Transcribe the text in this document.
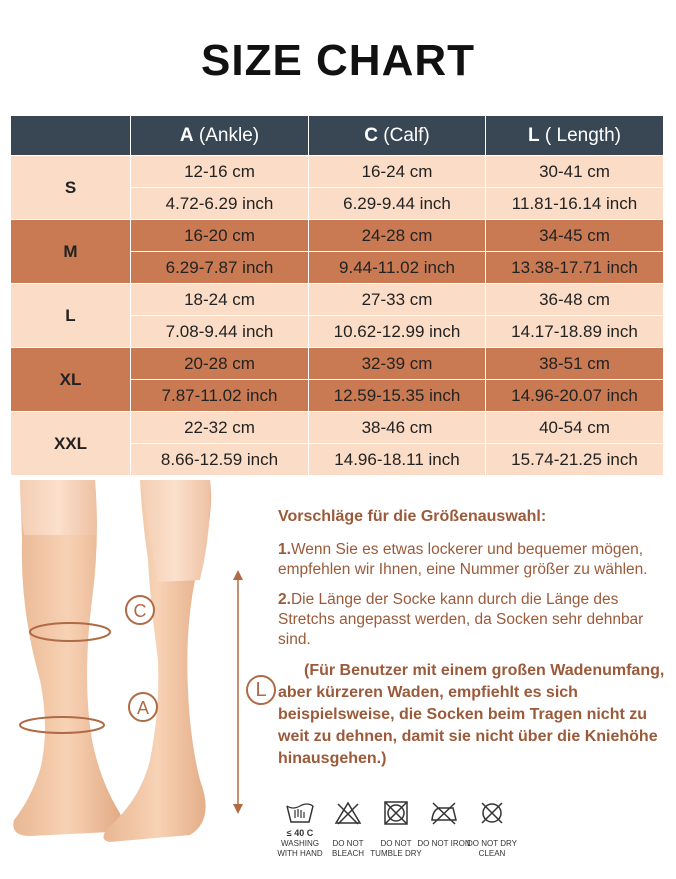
SIZE CHART
	A (Ankle)	C (Calf)	L ( Length)
S	12-16 cm	16-24 cm	30-41 cm
	4.72-6.29 inch	6.29-9.44 inch	11.81-16.14 inch
M	16-20 cm	24-28 cm	34-45 cm
	6.29-7.87 inch	9.44-11.02 inch	13.38-17.71 inch
L	18-24 cm	27-33 cm	36-48 cm
	7.08-9.44 inch	10.62-12.99 inch	14.17-18.89 inch
XL	20-28 cm	32-39 cm	38-51 cm
	7.87-11.02 inch	12.59-15.35 inch	14.96-20.07 inch
XXL	22-32 cm	38-46 cm	40-54 cm
	8.66-12.59 inch	14.96-18.11 inch	15.74-21.25 inch
C
A
L
Vorschläge für die Größenauswahl:
1.Wenn Sie es etwas lockerer und bequemer mögen, empfehlen wir Ihnen, eine Nummer größer zu wählen.
2.Die Länge der Socke kann durch die Länge des Stretchs angepasst werden, da Socken sehr dehnbar sind.
(Für Benutzer mit einem großen Wadenumfang, aber kürzeren Waden, empfiehlt es sich beispielsweise, die Socken beim Tragen nicht zu weit zu dehnen, damit sie nicht über die Kniehöhe hinausgehen.)
≤ 40 C
WASHING WITH HAND
DO NOT BLEACH
DO NOT TUMBLE DRY
DO NOT IRON
DO NOT DRY CLEAN
